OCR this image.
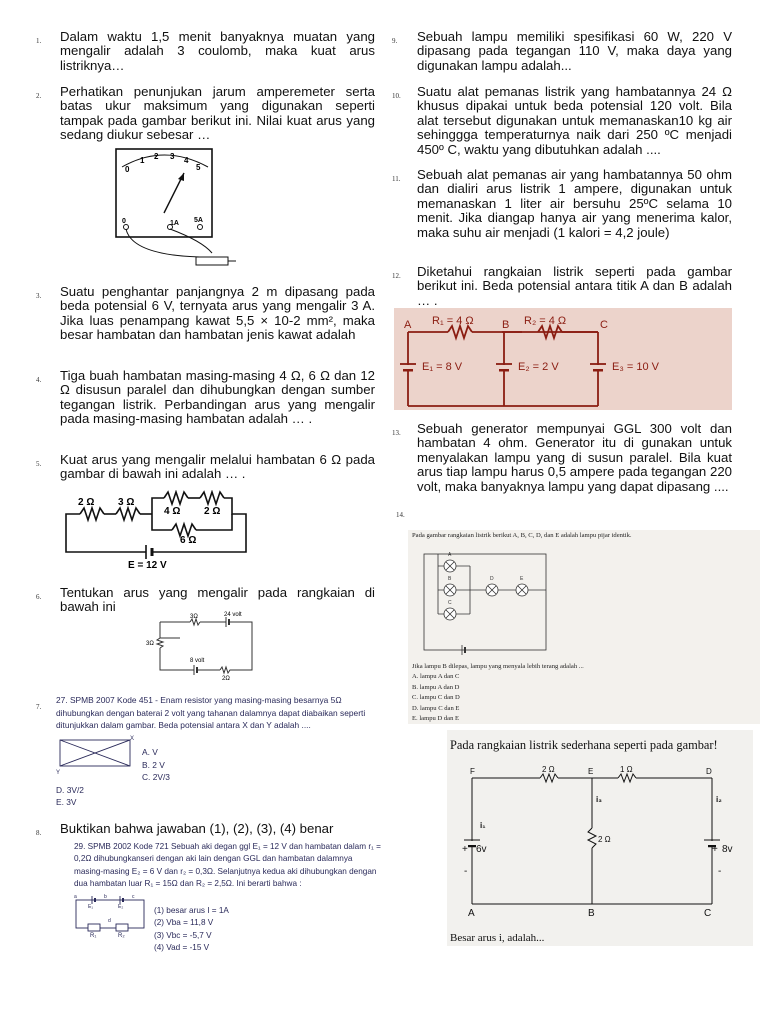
1. Dalam waktu 1,5 menit banyaknya muatan yang mengalir adalah 3 coulomb, maka kuat arus listriknya…
2. Perhatikan penunjukan jarum amperemeter serta batas ukur maksimum yang digunakan seperti tampak pada gambar berikut ini. Nilai kuat arus yang sedang diukur sebesar …
0
1 2 3 4
5
0	1A 5A
3. Suatu penghantar panjangnya 2 m dipasang pada beda potensial 6 V, ternyata arus yang mengalir 3 A. Jika luas penampang kawat 5,5 × 10-2 mm², maka besar hambatan dan hambatan jenis kawat adalah
4. Tiga buah hambatan masing-masing 4 Ω, 6 Ω dan 12 Ω disusun paralel dan dihubungkan dengan sumber tegangan listrik. Perbandingan arus yang mengalir pada masing-masing hambatan adalah … .
5. Kuat arus yang mengalir melalui hambatan 6 Ω pada gambar di bawah ini adalah … .
2 Ω 3 Ω
4 Ω 2 Ω
6 Ω
E = 12 V
6. Tentukan arus yang mengalir pada rangkaian di bawah ini
3Ω	24 volt
3Ω
8 volt
2Ω
7.
27. SPMB 2007 Kode 451 - Enam resistor yang masing-masing besarnya 5Ω
dihubungkan dengan baterai 2 volt yang tahanan dalamnya dapat diabaikan seperti
ditunjukkan dalam gambar. Beda potensial antara X dan Y adalah ....
X
Y
A. V
B. 2 V
C. 2V/3
D. 3V/2
E. 3V
8. Buktikan bahwa jawaban (1), (2), (3), (4) benar
29. SPMB 2002 Kode 721 Sebuah aki degan ggl E₁ = 12 V dan hambatan dalam r₁ =
0,2Ω dihubungkanseri dengan aki lain dengan GGL dan hambatan dalamnya
masing-masing E₂ = 6 V dan r₂ = 0,3Ω. Selanjutnya kedua aki dihubungkan dengan
dua hambatan luar R₁ = 15Ω dan R₂ = 2,5Ω. Ini berarti bahwa :
a	b	c
d
E₁	E₂
R₁	R₂
(1) besar arus I = 1A
(2) Vba = 11,8 V
(3) Vbc = -5,7 V
(4) Vad = -15 V
9. Sebuah lampu memiliki spesifikasi 60 W, 220 V dipasang pada tegangan 110 V, maka daya yang digunakan lampu adalah...
10. Suatu alat pemanas listrik yang hambatannya 24 Ω khusus dipakai untuk beda potensial 120 volt. Bila alat tersebut digunakan untuk memanaskan10 kg air sehinggga temperaturnya naik dari 250 ºC menjadi 450º C, waktu yang dibutuhkan adalah ....
11. Sebuah alat pemanas air yang hambatannya 50 ohm dan dialiri arus listrik 1 ampere, digunakan untuk memanaskan 1 liter air bersuhu 25ºC selama 10 menit. Jika diangap hanya air yang menerima kalor, maka suhu air menjadi (1 kalori = 4,2 joule)
12. Diketahui rangkaian listrik seperti pada gambar berikut ini. Beda potensial antara titik A dan B adalah … .
A	B	C
R₁ = 4 Ω	R₂ = 4 Ω
E₁ = 8 V	E₂ = 2 V	E₃ = 10 V
13. Sebuah generator mempunyai GGL 300 volt dan hambatan 4 ohm. Generator itu di gunakan untuk menyalakan lampu yang di susun paralel. Bila kuat arus tiap lampu harus 0,5 ampere pada tegangan 220 volt, maka banyaknya lampu yang dapat dipasang ....
14.
Pada gambar rangkaian listrik berikut A, B, C, D, dan E adalah lampu pijar identik.
A
B
C
D	E
Jika lampu B dilepas, lampu yang menyala lebih terang adalah ...
A. lampu A dan C
B. lampu A dan D
C. lampu C dan D
D. lampu C dan E
E. lampu D dan E
Pada rangkaian listrik sederhana seperti pada gambar!
F	E	D
2 Ω	1 Ω
2 Ω
i₃	i₂
i₁
A	B	C
+ 6v
-
+ 8v
-
Besar arus i, adalah...
